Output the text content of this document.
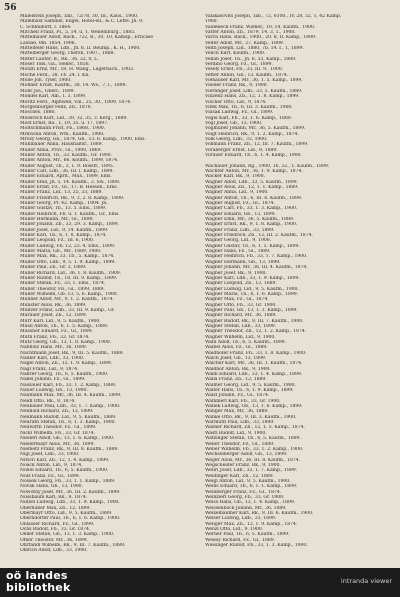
56
Millelstein Joseph, Tab., 72/78, 30, III., Kaus., 1900.
Millelnast Sammel, Engel, Hotel-ell., & C. Lette. Jh. 9,
C. Schmidorff, I. 1864.
Mitchell Franz, Pl., 5, 14. u, 1. Wenemburg., 1885.
Mittelbauer Adolf, Bäck., 722, B., 30, 10, Kamsp., Erbcase
Laxsae, 0m. 1854, 1906.
Mittelfeler Hans, Ldb., Jh. 6, II. Reump., K. H., 1900.
Mittelberger Georg, Thersb, 1907., 1888.
Mitter Lauter, B., Rk., 36, 32, 0, L.
Moser Tobi, Ga., Heller., 1856.
Moszh Ernz, Mr., 18, H. Wang., Lagerbach., 1903.
Moche Ferd., 38, 14. 24. I. Kn.
Mölle Joh. Tyler, 1900.
Möhner Ernst, Kaufm., 38, 14. Ws., 7, I., 1899.
Mohr Jos., Oberl., 1899.
Mondel Karl, Alb., I. 3. 1899.
Moritz Ferd., Alphwell, Vill., 25, 30., 1899, 1874.
Morgenburger Felix, Zb., 1870.
Mosches, 1880.
Mosersch Kurt, Lid., 39, 32, 35, 3. Kerg., 1889.
Most Ernst, Ba., 1, 19, 35. u. 17, 1897.
Moltschmann Frist, Fb., 1868., 1900.
Mrkvicka Anton, Wm., Kaufm., 1900.
Mrozy Georg, Gb., 1874, Gb., 13. 6. Kamp., 1900, Ems.
Mühlbauer Anna, Haushaltsr., 1889.
Müller Anna, Prov., Gl., 1900, 1869.
Müller Anton, Tb., 33. Kaufm., Gr. 1900.
Müller Anton, Mr., 66. Koufm., 1899, 1874.
Müller August, Tb., 3, 1. 9. Rosstr., 1895.
Müller Carl, Ldb., 36, III. I. Kamp., 1899.
Müller Eduard, Aprit., Mus., 1899, Ems.
Müller Emil, Jh. 5, 14. Kaufm., 2. Sw., 1889.
Müller Ernst, Fz., Gl., 17. B. Hessen., Ems.
Müller Franz, Lid., 13, 25, 33, 1889.
Müller Friedrich, Rk., 9, 3, 2. 8. Kamp., 1899.
Müller Georg, Pt. 42. Kamp., 1904. Jh.
Müller Gustav, Tb., 13. 5. Ems., 1899.
Müller Heinrich, Fb. u. 1. Kaufm., Gr., Ems.
Müller Hermann, Mr., Gl., 1890.
Müller Johann, Zb., 33, 29. 3. Kamp., 1899.
Müller Josef, Lid., 9, 14. Kaufm., 1899.
Müller Karl, Tb., 6, 1. 8, Kamp., 1874.
Müller Leopold, Fz., III. 6, 1900.
Müller Ludwig, Fb. 12, 23. 4. Ems., 1899.
Müller Maria, Gb., Mr., 1889, 1900.
Müller Max, Rk., 33, Tb., 5. Kamp., 1874.
Müller Otto, Ldb., 9, 5. 1. 9. Kamp., 1899.
Müller Paul, Zb., Gr. 3, 1889.
Müller Richard, Lid., 36, 1. 8. Kaufm., 1900.
Müller Rudolf, Tb., 18, III. 9. Kamp., 1899.
Müller Stefan, Fz., 33, 1. Ems., 1874.
Müller Theodor, Fb., Gl., 1899, 1889.
Müller Wilhelm, Gb. 13, 5, 6. Kamp., 1900.
Müllner Adolf, Mr., 9, 1. 2. Kaufm., 1874.
Münster Alois, Rk., 36, 1899.
Münzer Franz, Ldb., 33, III. 9. Kamp., Gr.
Murauer Josef, Zb., 12, 1899.
Murr Karl, Lid., 9, 5. Kaufm., 1900.
Musil Anton, Tb., 6, 1. 5. Kamp., 1889.
Mussner Eduard, Fz., Gl., 1899.
Muth Franz, Fb., 33, Gr. 1874.
Mutz Georg, Gb., 13, 1. 8. Kamp., 1900.
Nabholz Hans, Mr., 36, 1899.
Nachtmann Josef, Rk., 9, III. 5. Kaufm., 1889.
Nadler Karl, Ldb., 33, 1900.
Nagel Anton, Zb., 12, 1. 9. Kamp., 1899.
Nagl Franz, Lid., 9, 1874.
Nahrer Georg, Tb., 6, 5. Kaufm., 1900.
Nakel Johann, Fz., Gl., 1899.
Nassauer Karl, Fb., 33, 1. 2. Kamp., 1889.
Nauer Ludwig, Gb., 13, 1900.
Naumann Max, Mr., 36, III. 4. Kaufm., 1899.
Neidl Otto, Rk., 9, 1874.
Neubauer Paul, Ldb., 33, 1. 7. Kamp., 1900.
Neuhold Richard, Zb., 12, 1899.
Neumann Rudolf, Lid., 9, 5. Kaufm., 1889.
Neurath Stefan, Tb., 6, 1. 3. Kamp., 1900.
Neuwirth Theodor, Fz., Gl., 1899.
Nickl Wilhelm, Fb., 33, Gr. 1874.
Niederl Adolf, Gb., 13, 1. 6. Kamp., 1900.
Niedermayr Alois, Mr., 36, 1899.
Niemetz Franz, Rk., 9, III. 8. Kaufm., 1889.
Nigl Josef, Ldb., 33, 1900.
Nitsch Karl, Zb., 12, 1. 4. Kamp., 1899.
Noack Anton, Lid., 9, 1874.
Nohel Eduard, Tb., 6, 5. Kaufm., 1900.
Nolz Franz, Fz., Gl., 1899.
Nossek Georg, Fb., 33, 1. 1. Kamp., 1889.
Novak Hans, Gb., 13, 1900.
Nowotny Josef, Mr., 36, III. 2. Kaufm., 1899.
Nussbaum Karl, Rk., 9, 1874.
Nützel Ludwig, Ldb., 33, 1. 9. Kamp., 1900.
Oberhuber Max, Zb., 12, 1899.
Obermayr Otto, Lid., 9, 5. Kaufm., 1889.
Oberndorfer Paul, Tb., 6, 1. 6. Kamp., 1900.
Oblasser Richard, Fz., Gl., 1899.
Ochs Rudolf, Fb., 33, Gr. 1874.
Oeller Stefan, Gb., 13, 1. 3. Kamp., 1900.
Ofner Theodor, Mr., 36, 1899.
Ohrfandl Wilhelm, Rk., 9, III. 7. Kaufm., 1889.
Olbrich Adolf, Ldb., 33, 1900.
Valakasovits Joseph, Tab., 72, 6100., IV. 28, 32, 1, 42 Kamp.
1900.
Valdeneck Franz, Wiener., 10, 14, Kaufm., 1900.
Vatter Anton, Zb., 1879, 14. 3, 1., 1900.
Vavra Hans, Bäck., 1900., 20. 8, II. Kamp., 1899.
Veiter Adolf, Mr., 27, Kamp., 1899.
Veith Joseph, Lid., 1880, 7b. 14. I., 1, 1899.
Velich Kurt, Kaufm., 1900.
Vellan Josef, Tb., Jh. 6, 33, Kamp., 1889.
Verdino Georg, Fz., Gl., 1899.
Vesely Ernst, Fb., 33, III. 9., 1900.
Vetter Anton, Gb., 13, Kaufm., 1874.
Viehauser Karl, Mr., 36, 1. 5. Kamp., 1899.
Vieider Franz, Rk., 9, 1900.
Vierlinger Josef, Ldb., 33, 5. Kaufm., 1889.
Vinzenz Hans, Zb., 12, 1. 8. Kamp., 1899.
Vischer Otto, Lid., 9, 1874.
Vitek Max, Tb., 6, III. 3. Kaufm., 1900.
Vlasak Ludwig, Fz., Gl., 1899.
Vogel Karl, Fb., 33, 1. 6. Kamp., 1889.
Vogl Josef, Gb., 13, 1900.
Voglhuber Johann, Mr., 36, 5. Kaufm., 1899.
Voigt Heinrich, Rk., 9, 1. 2. Kamp., 1874.
Volk Georg, Ldb., 33, 1900.
Vollmann Franz, Zb., 12, III. 7. Kaufm., 1899.
Voraberger Ernst, Lid., 9, 1889.
Vorauer Eduard, Tb., 6, 1. 4. Kamp., 1900.

Wachauer Johann, Rg., 1900, 16, 32., 1. Kaufm., 1899.
Wachter Anton, Mr., 36, 1. 9. Kamp., 1874.
Wacker Karl, Rk., 9, 1900.
Wagner Adolf, Ldb., 33, 5. Kaufm., 1899.
Wagner Alois, Zb., 12, 1. 1. Kamp., 1889.
Wagner Anna, Lid., 9, 1900.
Wagner Anton, Tb., 6, III. 6. Kaufm., 1899.
Wagner August, Fz., Gl., 1874.
Wagner Carl, Fb., 33, 1. 3. Kamp., 1900.
Wagner Eduard, Gb., 13, 1899.
Wagner Emil, Mr., 36, 5. Kaufm., 1889.
Wagner Ernst, Rk., 9, 1. 8. Kamp., 1900.
Wagner Franz, Ldb., 33, 1899.
Wagner Friedrich, Zb., 12, III. 2. Kaufm., 1874.
Wagner Georg, Lid., 9, 1900.
Wagner Gustav, Tb., 6, 1. 5. Kamp., 1899.
Wagner Hans, Fz., Gl., 1889.
Wagner Heinrich, Fb., 33, 1. 7. Kamp., 1900.
Wagner Hermann, Gb., 13, 1899.
Wagner Johann, Mr., 36, III. 4. Kaufm., 1874.
Wagner Josef, Rk., 9, 1900.
Wagner Karl, Ldb., 33, 1. 9. Kamp., 1899.
Wagner Leopold, Zb., 12, 1889.
Wagner Ludwig, Lid., 9, 5. Kaufm., 1900.
Wagner Maria, Tb., 6, 1. 6. Kamp., 1899.
Wagner Max, Fz., Gl., 1874.
Wagner Otto, Fb., 33, Gr. 1900.
Wagner Paul, Gb., 13, 1. 3. Kamp., 1899.
Wagner Richard, Mr., 36, 1889.
Wagner Rudolf, Rk., 9, III. 7. Kaufm., 1900.
Wagner Stefan, Ldb., 33, 1899.
Wagner Theodor, Zb., 12, 1. 2. Kamp., 1874.
Wagner Wilhelm, Lid., 9, 1900.
Wahl Adolf, Tb., 6, 5. Kaufm., 1899.
Waibel Alois, Fz., Gl., 1889.
Waidhofer Franz, Fb., 33, 1. 8. Kamp., 1900.
Walch Josef, Gb., 13, 1899.
Walcher Karl, Mr., 36, III. 1. Kaufm., 1874.
Waldhör Anton, Rk., 9, 1900.
Waldl Eduard, Ldb., 33, 1. 4. Kamp., 1899.
Walla Franz, Zb., 12, 1889.
Wallner Georg, Lid., 9, 5. Kaufm., 1900.
Walter Hans, Tb., 6, 1. 9. Kamp., 1899.
Walzl Johann, Fz., Gl., 1874.
Wammerl Karl, Fb., 33, Gr. 1900.
Wanek Ludwig, Gb., 13, 1. 6. Kamp., 1899.
Wanger Max, Mr., 36, 1889.
Wanke Otto, Rk., 9, III. 3. Kaufm., 1900.
Warmuth Paul, Ldb., 33, 1899.
Wasner Richard, Zb., 12, 1. 5. Kamp., 1874.
Wastl Rudolf, Lid., 9, 1900.
Watzinger Stefan, Tb., 6, 5. Kaufm., 1899.
Weber Theodor, Fz., Gl., 1889.
Weber Wilhelm, Fb., 33, 1. 2. Kamp., 1900.
Wechselberger Adolf, Gb., 13, 1899.
Weger Alois, Mr., 36, III. 8. Kaufm., 1874.
Wegscheider Franz, Rk., 9, 1900.
Wehrl Josef, Ldb., 33, 1. 7. Kamp., 1899.
Weidinger Karl, Zb., 12, 1889.
Weigl Anton, Lid., 9, 5. Kaufm., 1900.
Weihs Eduard, Tb., 6, 1. 1. Kamp., 1899.
Weinberger Franz, Fz., Gl., 1874.
Weinzierl Georg, Fb., 33, Gr. 1900.
Weiss Hans, Gb., 13, 1. 4. Kamp., 1899.
Weissenböck Johann, Mr., 36, 1889.
Weixelbaumer Karl, Rk., 9, III. 6. Kaufm., 1900.
Welser Ludwig, Ldb., 33, 1899.
Wenger Max, Zb., 12, 1. 9. Kamp., 1874.
Wenzl Otto, Lid., 9, 1900.
Werner Paul, Tb., 6, 5. Kaufm., 1899.
Wesely Richard, Fz., Gl., 1889.
Wiesinger Rudolf, Fb., 33, 1. 3. Kamp., 1900.
oö landes
bibliothek	intranda viewer
